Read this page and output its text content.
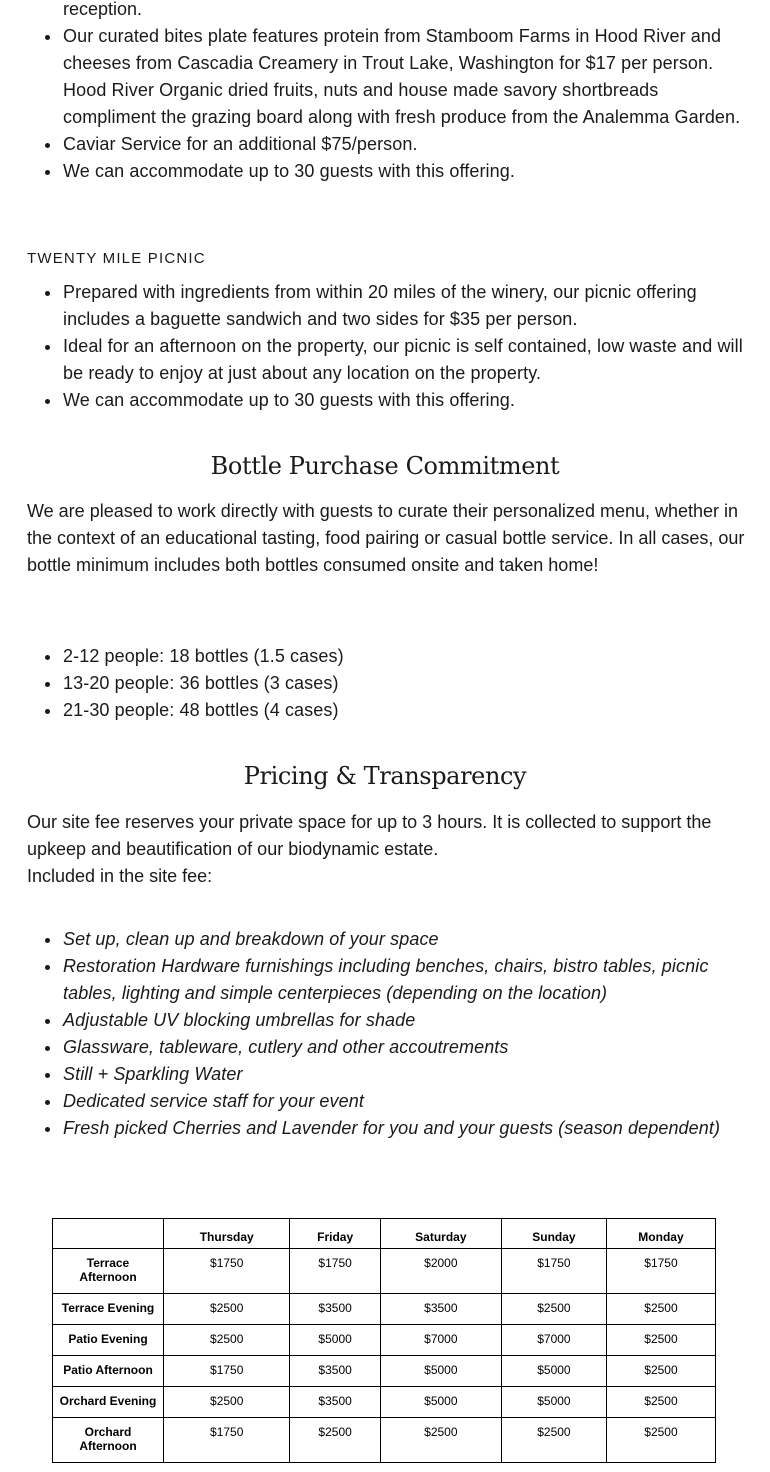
reception.

Our curated bites plate features protein from Stamboom Farms in Hood River and cheeses from Cascadia Creamery in Trout Lake, Washington for $17 per person. Hood River Organic dried fruits, nuts and house made savory shortbreads compliment the grazing board along with fresh produce from the Analemma Garden.
Caviar Service for an additional $75/person.
We can accommodate up to 30 guests with this offering.

TWENTY MILE PICNIC

Prepared with ingredients from within 20 miles of the winery, our picnic offering includes a baguette sandwich and two sides for $35 per person.
Ideal for an afternoon on the property, our picnic is self contained, low waste and will be ready to enjoy at just about any location on the property.
We can accommodate up to 30 guests with this offering.
Bottle Purchase Commitment

We are pleased to work directly with guests to curate their personalized menu, whether in the context of an educational tasting, food pairing or casual bottle service. In all cases, our bottle minimum includes both bottles consumed onsite and taken home!

2-12 people: 18 bottles (1.5 cases)
13-20 people: 36 bottles (3 cases)
21-30 people: 48 bottles (4 cases)
Pricing & Transparency

Our site fee reserves your private space for up to 3 hours. It is collected to support the upkeep and beautification of our biodynamic estate.

Included in the site fee:

Set up, clean up and breakdown of your space
Restoration Hardware furnishings including benches, chairs, bistro tables, picnic tables, lighting and simple centerpieces (depending on the location)
Adjustable UV blocking umbrellas for shade
Glassware, tableware, cutlery and other accoutrements
Still + Sparkling Water
Dedicated service staff for your event
Fresh picked Cherries and Lavender for you and your guests (season dependent)
	Thursday	Friday	Saturday	Sunday	Monday
Terrace Afternoon	$1750	$1750	$2000	$1750	$1750
Terrace Evening	$2500	$3500	$3500	$2500	$2500
Patio Evening	$2500	$5000	$7000	$7000	$2500
Patio Afternoon	$1750	$3500	$5000	$5000	$2500
Orchard Evening	$2500	$3500	$5000	$5000	$2500
Orchard Afternoon	$1750	$2500	$2500	$2500	$2500
